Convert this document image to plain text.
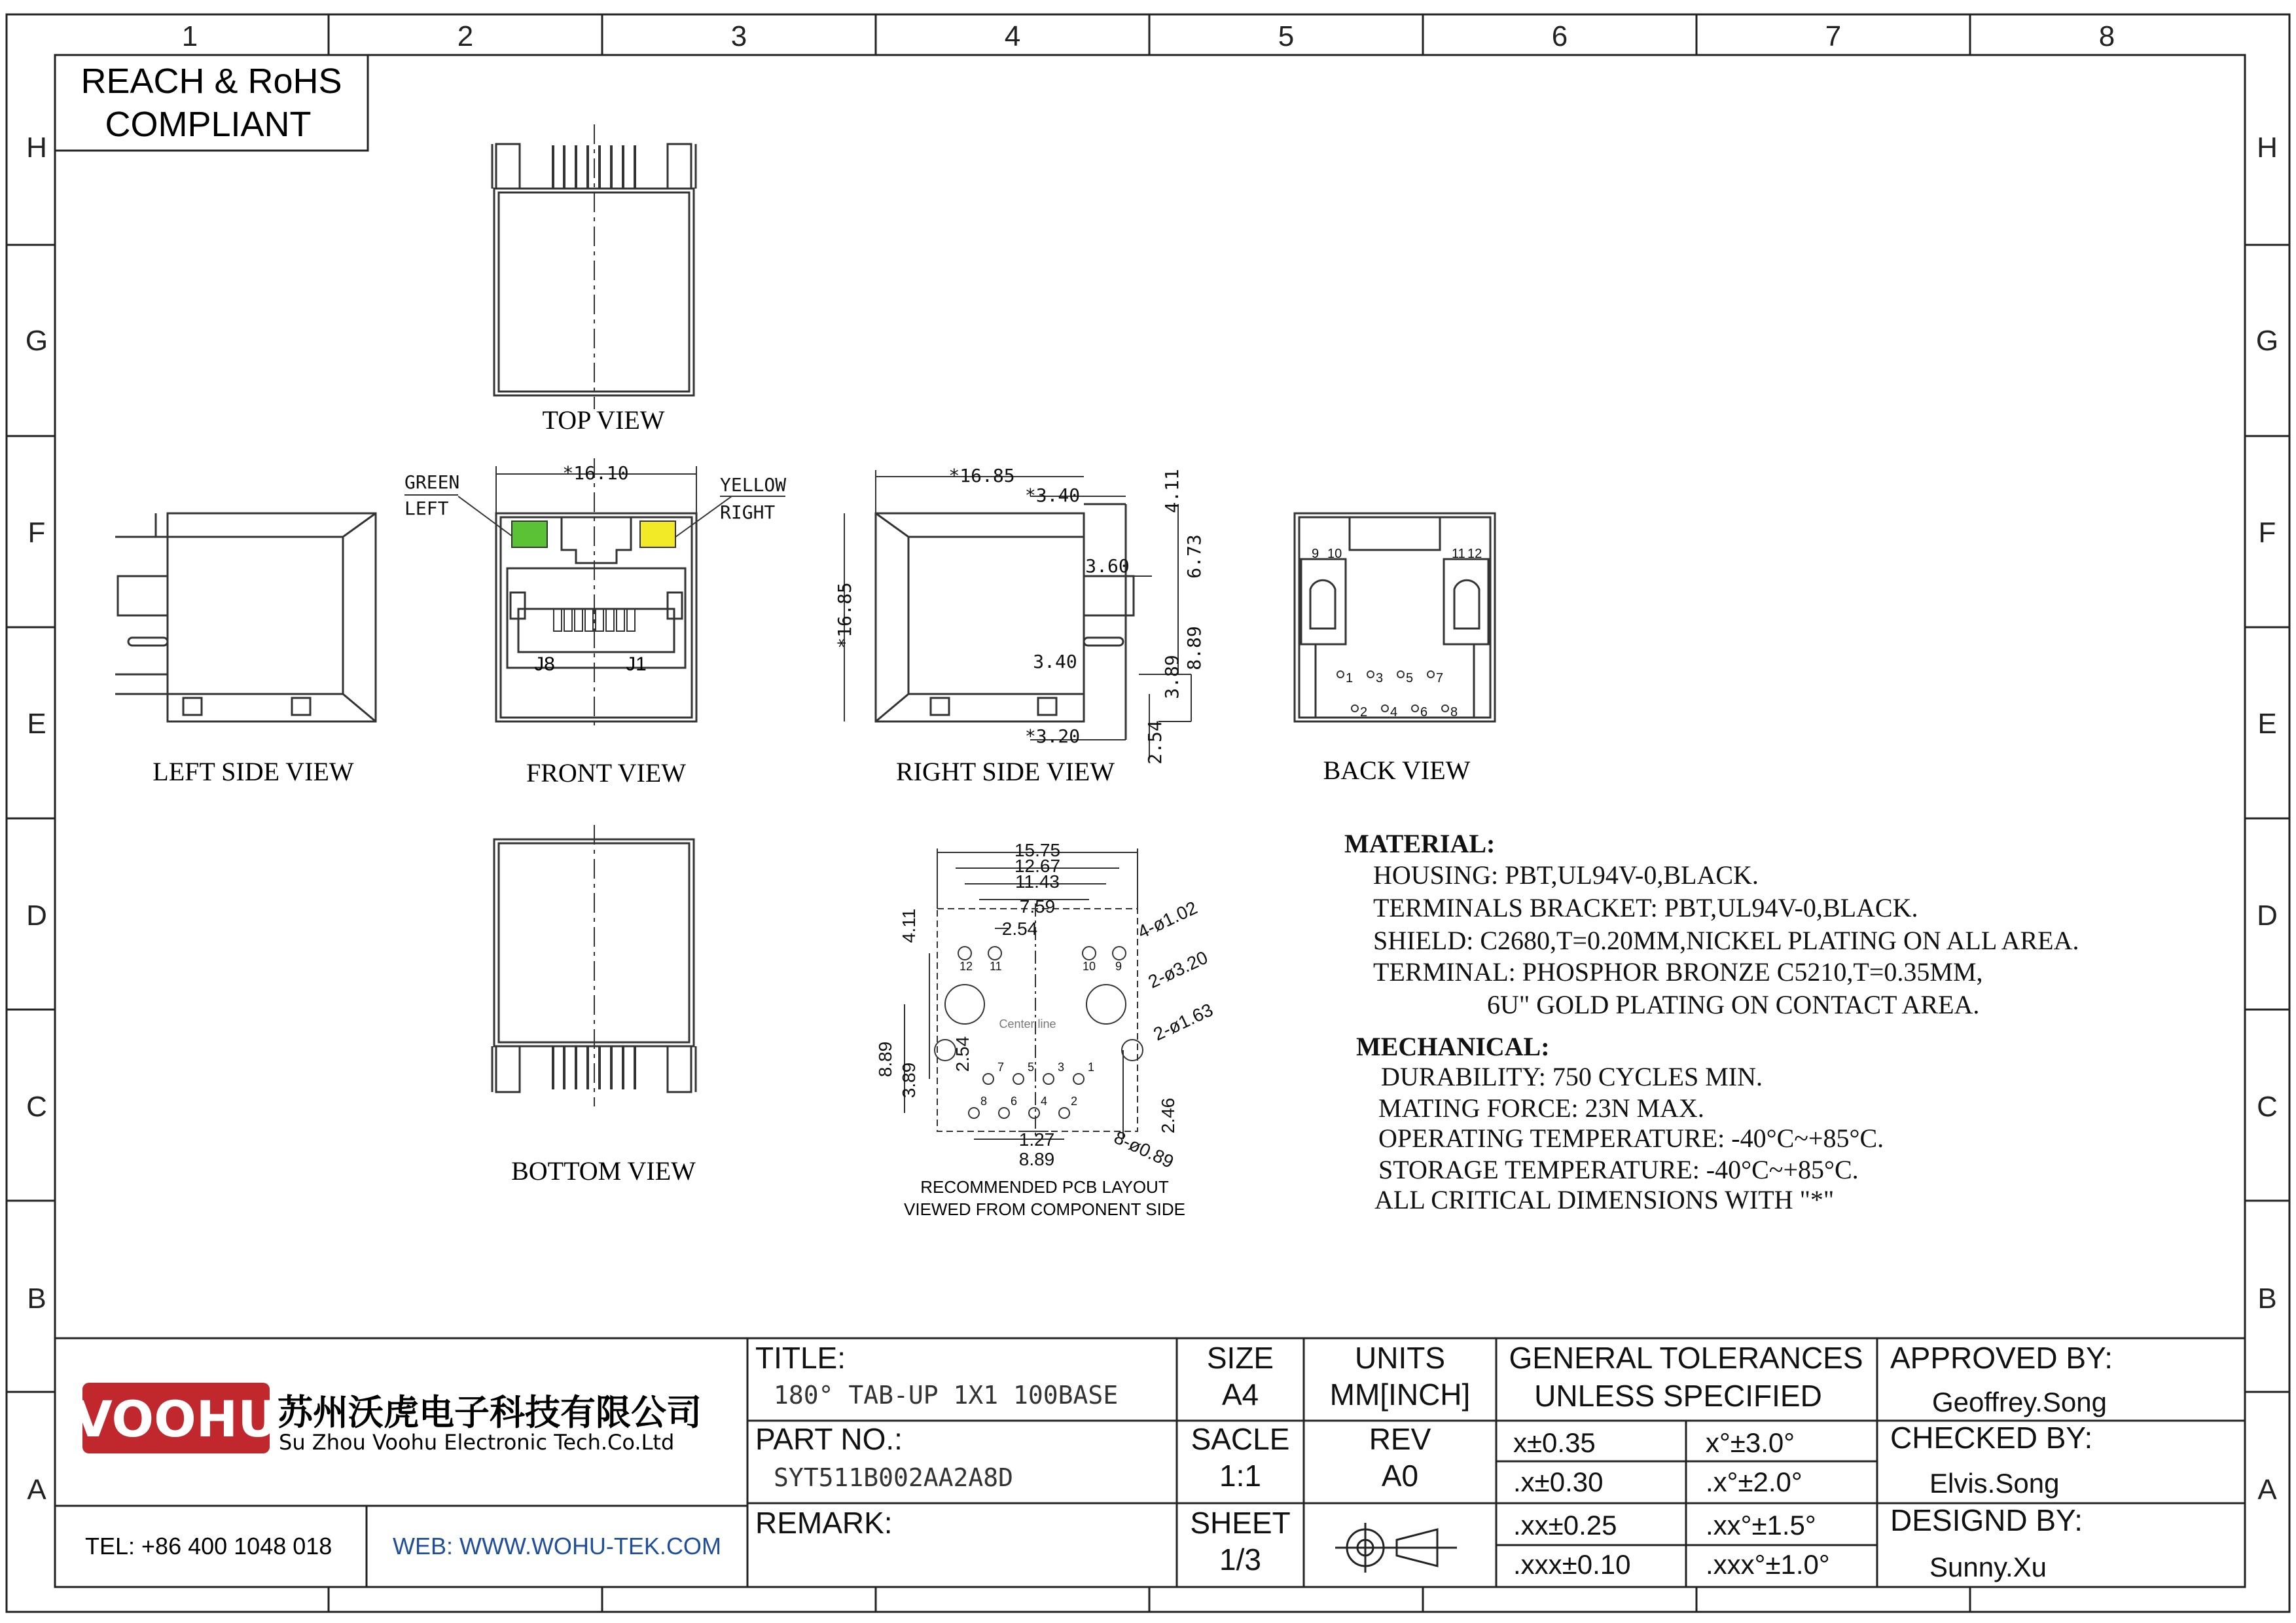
1	2	3	4	5	6	7	8
H
G
F
E
D
C
B
A
H
G
F
E
D
C
B
A
REACH & RoHS
COMPLIANT
TOP VIEW
LEFT SIDE VIEW
*16.10
GREEN
LEFT
YELLOW
RIGHT
J8	J1
FRONT VIEW
*16.85
*16.85
*3.40	4.11
3.60	6.73
3.40	8.89
3.89
*3.20	2.54
RIGHT SIDE VIEW
1 3 5 7
2 4 6 8
9 10	11 12
BACK VIEW
BOTTOM VIEW
15.75
12.67
11.43
7.59
2.54	4-ø1.02
2-ø3.20
2-ø1.63
8-ø0.89
4.11
8.89
3.89
2.54
2.46
1.27
8.89
12 11	10 9
7 5 3 1
8 6 4 2
Center line
RECOMMENDED PCB LAYOUT
VIEWED FROM COMPONENT SIDE
MATERIAL:
HOUSING: PBT,UL94V-0,BLACK.
TERMINALS BRACKET: PBT,UL94V-0,BLACK.
SHIELD: C2680,T=0.20MM,NICKEL PLATING ON ALL AREA.
TERMINAL: PHOSPHOR BRONZE C5210,T=0.35MM,
6U" GOLD PLATING ON CONTACT AREA.
MECHANICAL:
DURABILITY: 750 CYCLES MIN.
MATING FORCE: 23N MAX.
OPERATING TEMPERATURE: -40°C~+85°C.
STORAGE TEMPERATURE: -40°C~+85°C.
ALL CRITICAL DIMENSIONS WITH "*"
VOOHU
苏州沃虎电子科技有限公司
Su Zhou Voohu Electronic Tech.Co.Ltd
TEL: +86 400 1048 018	WEB: WWW.WOHU-TEK.COM
TITLE:
PART NO.:
REMARK:
SIZE
A4
UNITS
MM[INCH]
SACLE
1:1
REV
A0
SHEET
1/3
GENERAL TOLERANCES
UNLESS SPECIFIED
APPROVED BY:
CHECKED BY:
DESIGND BY:
Geoffrey.Song
Elvis.Song
Sunny.Xu
x±0.35	x°±3.0°
.x±0.30	.x°±2.0°
.xx±0.25	.xx°±1.5°
.xxx±0.10	.xxx°±1.0°
180° TAB-UP 1X1 100BASE
SYT511B002AA2A8D
